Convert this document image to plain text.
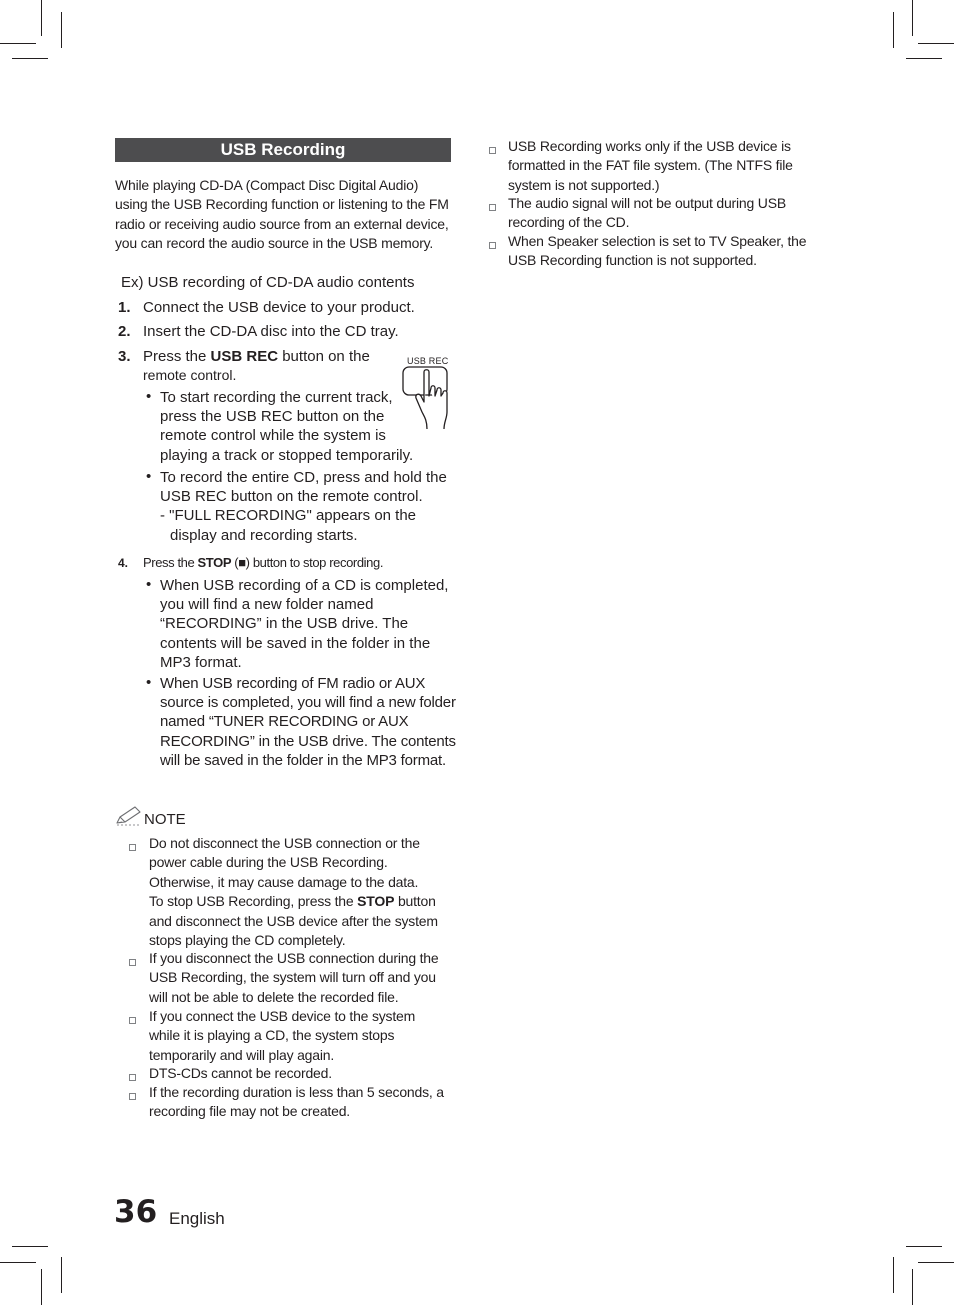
USB Recording
While playing CD-DA (Compact Disc Digital Audio)
using the USB Recording function or listening to the FM
radio or receiving audio source from an external device,
you can record the audio source in the USB memory.
Ex) USB recording of CD-DA audio contents
1. Connect the USB device to your product.
2. Insert the CD-DA disc into the CD tray.
3. Press the USB REC button on the
remote control.
USB REC
To start recording the current track,
press the USB REC button on the
remote control while the system is
playing a track or stopped temporarily.
•
To record the entire CD, press and hold the
USB REC button on the remote control.
- "FULL RECORDING" appears on the
display and recording starts.
•
4. Press the STOP (■) button to stop recording.
When USB recording of a CD is completed,
you will find a new folder named
“RECORDING” in the USB drive. The
contents will be saved in the folder in the
MP3 format.
•
When USB recording of FM radio or AUX
source is completed, you will find a new folder
named “TUNER RECORDING or AUX
RECORDING” in the USB drive. The contents
will be saved in the folder in the MP3 format.
•
NOTE
Do not disconnect the USB connection or the
power cable during the USB Recording.
Otherwise, it may cause damage to the data.
To stop USB Recording, press the STOP button
and disconnect the USB device after the system
stops playing the CD completely.
If you disconnect the USB connection during the
USB Recording, the system will turn off and you
will not be able to delete the recorded file.
If you connect the USB device to the system
while it is playing a CD, the system stops
temporarily and will play again.
DTS-CDs cannot be recorded.
If the recording duration is less than 5 seconds, a
recording file may not be created.
USB Recording works only if the USB device is
formatted in the FAT file system. (The NTFS file
system is not supported.)
The audio signal will not be output during USB
recording of the CD.
When Speaker selection is set to TV Speaker, the
USB Recording function is not supported.
36 English
